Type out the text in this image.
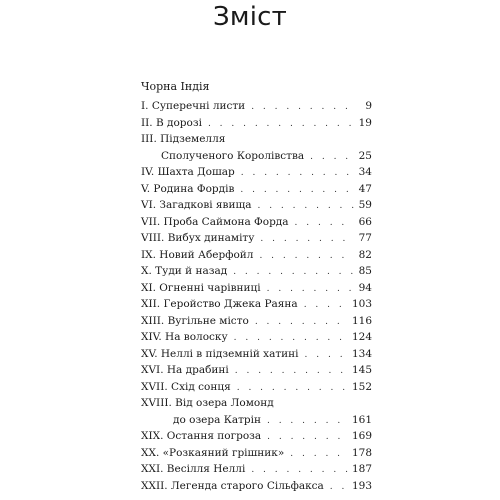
Зміст
Чорна Індія
I. Суперечні листи . . .	9
II. В дорозі . . .	19
III. Підземелля
Сполученого Королівства . . .	25
IV. Шахта Дошар . . .	34
V. Родина Фордів . . .	47
VI. Загадкові явища . . .	59
VII. Проба Саймона Форда . . .	66
VIII. Вибух динаміту . . .	77
IX. Новий Аберфойл . . .	82
X. Туди й назад . . .	85
XI. Огненні чарівниці . . .	94
XII. Геройство Джека Раяна . . .	103
XIII. Вугільне місто . . .	116
XIV. На волоску . . .	124
XV. Неллі в підземній хатині . . .	134
XVI. На драбині . . .	145
XVII. Схід сонця . . .	152
XVIII. Від озера Ломонд
до озера Катрін . . .	161
XIX. Остання погроза . . .	169
XX. «Розкаяний грішник» . . .	178
XXI. Весілля Неллі . . .	187
XXII. Легенда старого Сільфакса . . .	193
